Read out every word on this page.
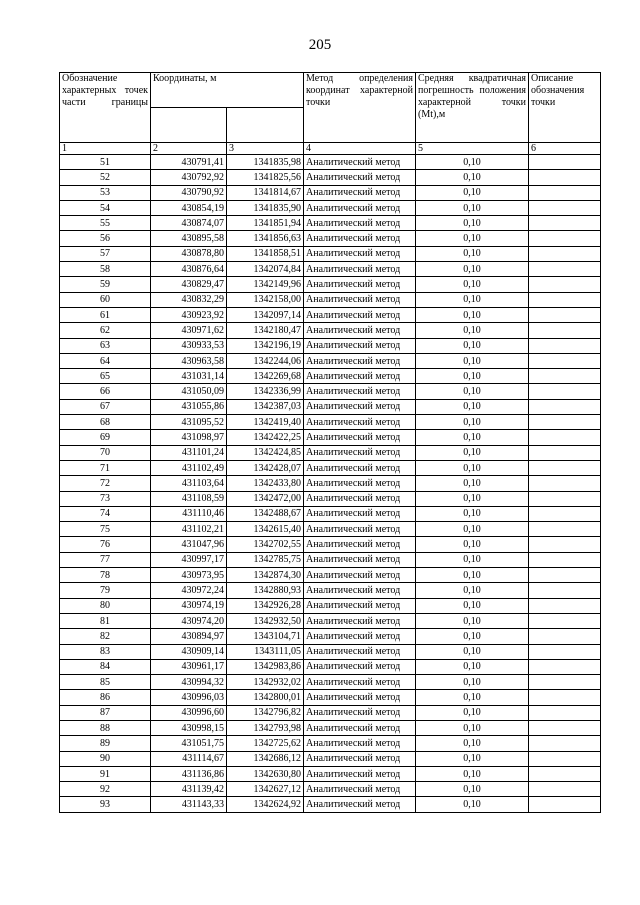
205
Обозначение характерных точек части границы	Координаты, м		Метод определения координат характерной точки	Средняя квадратичная погрешность положения характерной точки (Mt),м	Описание обозначения точки

1	2	3	4	5	6
51	430791,41	1341835,98	Аналитический метод	0,10	
52	430792,92	1341825,56	Аналитический метод	0,10	
53	430790,92	1341814,67	Аналитический метод	0,10	
54	430854,19	1341835,90	Аналитический метод	0,10	
55	430874,07	1341851,94	Аналитический метод	0,10	
56	430895,58	1341856,63	Аналитический метод	0,10	
57	430878,80	1341858,51	Аналитический метод	0,10	
58	430876,64	1342074,84	Аналитический метод	0,10	
59	430829,47	1342149,96	Аналитический метод	0,10	
60	430832,29	1342158,00	Аналитический метод	0,10	
61	430923,92	1342097,14	Аналитический метод	0,10	
62	430971,62	1342180,47	Аналитический метод	0,10	
63	430933,53	1342196,19	Аналитический метод	0,10	
64	430963,58	1342244,06	Аналитический метод	0,10	
65	431031,14	1342269,68	Аналитический метод	0,10	
66	431050,09	1342336,99	Аналитический метод	0,10	
67	431055,86	1342387,03	Аналитический метод	0,10	
68	431095,52	1342419,40	Аналитический метод	0,10	
69	431098,97	1342422,25	Аналитический метод	0,10	
70	431101,24	1342424,85	Аналитический метод	0,10	
71	431102,49	1342428,07	Аналитический метод	0,10	
72	431103,64	1342433,80	Аналитический метод	0,10	
73	431108,59	1342472,00	Аналитический метод	0,10	
74	431110,46	1342488,67	Аналитический метод	0,10	
75	431102,21	1342615,40	Аналитический метод	0,10	
76	431047,96	1342702,55	Аналитический метод	0,10	
77	430997,17	1342785,75	Аналитический метод	0,10	
78	430973,95	1342874,30	Аналитический метод	0,10	
79	430972,24	1342880,93	Аналитический метод	0,10	
80	430974,19	1342926,28	Аналитический метод	0,10	
81	430974,20	1342932,50	Аналитический метод	0,10	
82	430894,97	1343104,71	Аналитический метод	0,10	
83	430909,14	1343111,05	Аналитический метод	0,10	
84	430961,17	1342983,86	Аналитический метод	0,10	
85	430994,32	1342932,02	Аналитический метод	0,10	
86	430996,03	1342800,01	Аналитический метод	0,10	
87	430996,60	1342796,82	Аналитический метод	0,10	
88	430998,15	1342793,98	Аналитический метод	0,10	
89	431051,75	1342725,62	Аналитический метод	0,10	
90	431114,67	1342686,12	Аналитический метод	0,10	
91	431136,86	1342630,80	Аналитический метод	0,10	
92	431139,42	1342627,12	Аналитический метод	0,10	
93	431143,33	1342624,92	Аналитический метод	0,10	
